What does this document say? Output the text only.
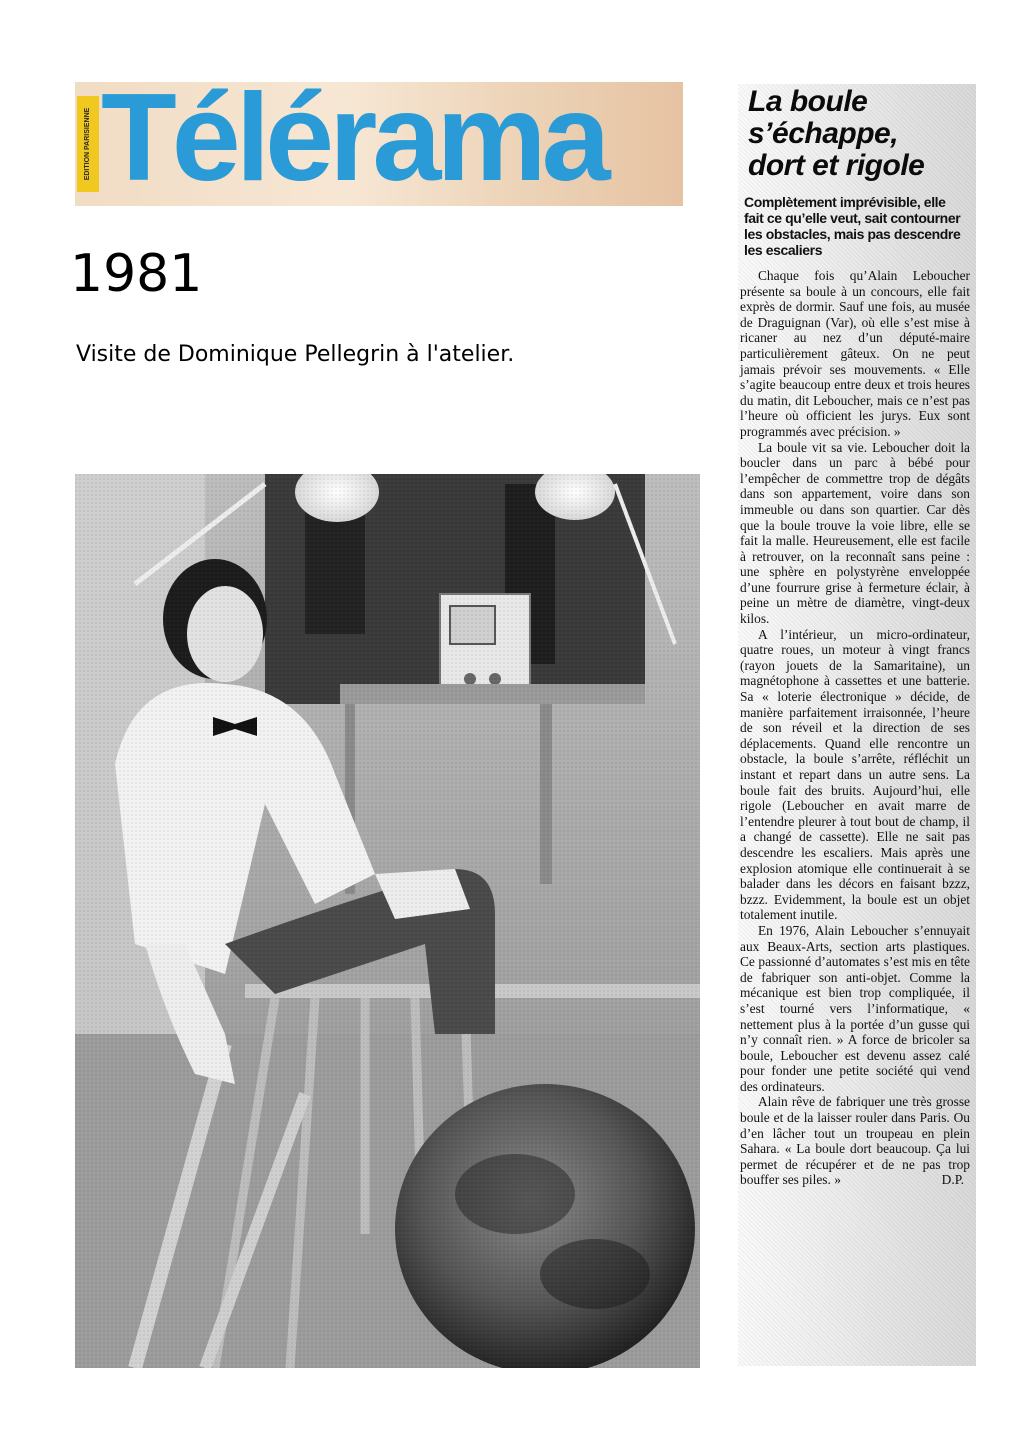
EDITION PARISIENNE Télérama
1981
Visite de Dominique Pellegrin à l'atelier.
La boule
s’échappe,
dort et rigole
Complètement imprévisible, elle fait ce qu’elle veut, sait contourner les obstacles, mais pas descendre les escaliers

Chaque fois qu’Alain Leboucher présente sa boule à un concours, elle fait exprès de dormir. Sauf une fois, au musée de Draguignan (Var), où elle s’est mise à ricaner au nez d’un député-maire particulièrement gâteux. On ne peut jamais prévoir ses mouvements. « Elle s’agite beaucoup entre deux et trois heures du matin, dit Leboucher, mais ce n’est pas l’heure où officient les jurys. Eux sont programmés avec précision. »

La boule vit sa vie. Leboucher doit la boucler dans un parc à bébé pour l’empêcher de commettre trop de dégâts dans son appartement, voire dans son immeuble ou dans son quartier. Car dès que la boule trouve la voie libre, elle se fait la malle. Heureusement, elle est facile à retrouver, on la reconnaît sans peine : une sphère en polystyrène enveloppée d’une fourrure grise à fermeture éclair, à peine un mètre de diamètre, vingt-deux kilos.

A l’intérieur, un micro-ordinateur, quatre roues, un moteur à vingt francs (rayon jouets de la Samaritaine), un magnétophone à cassettes et une batterie. Sa « loterie électronique » décide, de manière parfaitement irraisonnée, l’heure de son réveil et la direction de ses déplacements. Quand elle rencontre un obstacle, la boule s’arrête, réfléchit un instant et repart dans un autre sens. La boule fait des bruits. Aujourd’hui, elle rigole (Leboucher en avait marre de l’entendre pleurer à tout bout de champ, il a changé de cassette). Elle ne sait pas descendre les escaliers. Mais après une explosion atomique elle continuerait à se balader dans les décors en faisant bzzz, bzzz. Evidemment, la boule est un objet totalement inutile.

En 1976, Alain Leboucher s’ennuyait aux Beaux-Arts, section arts plastiques. Ce passionné d’automates s’est mis en tête de fabriquer son anti-objet. Comme la mécanique est bien trop compliquée, il s’est tourné vers l’informatique, « nettement plus à la portée d’un gusse qui n’y connaît rien. » A force de bricoler sa boule, Leboucher est devenu assez calé pour fonder une petite société qui vend des ordinateurs.

Alain rêve de fabriquer une très grosse boule et de la laisser rouler dans Paris. Ou d’en lâcher tout un troupeau en plein Sahara. « La boule dort beaucoup. Ça lui permet de récupérer et de ne pas trop bouffer ses piles. »	D.P.
